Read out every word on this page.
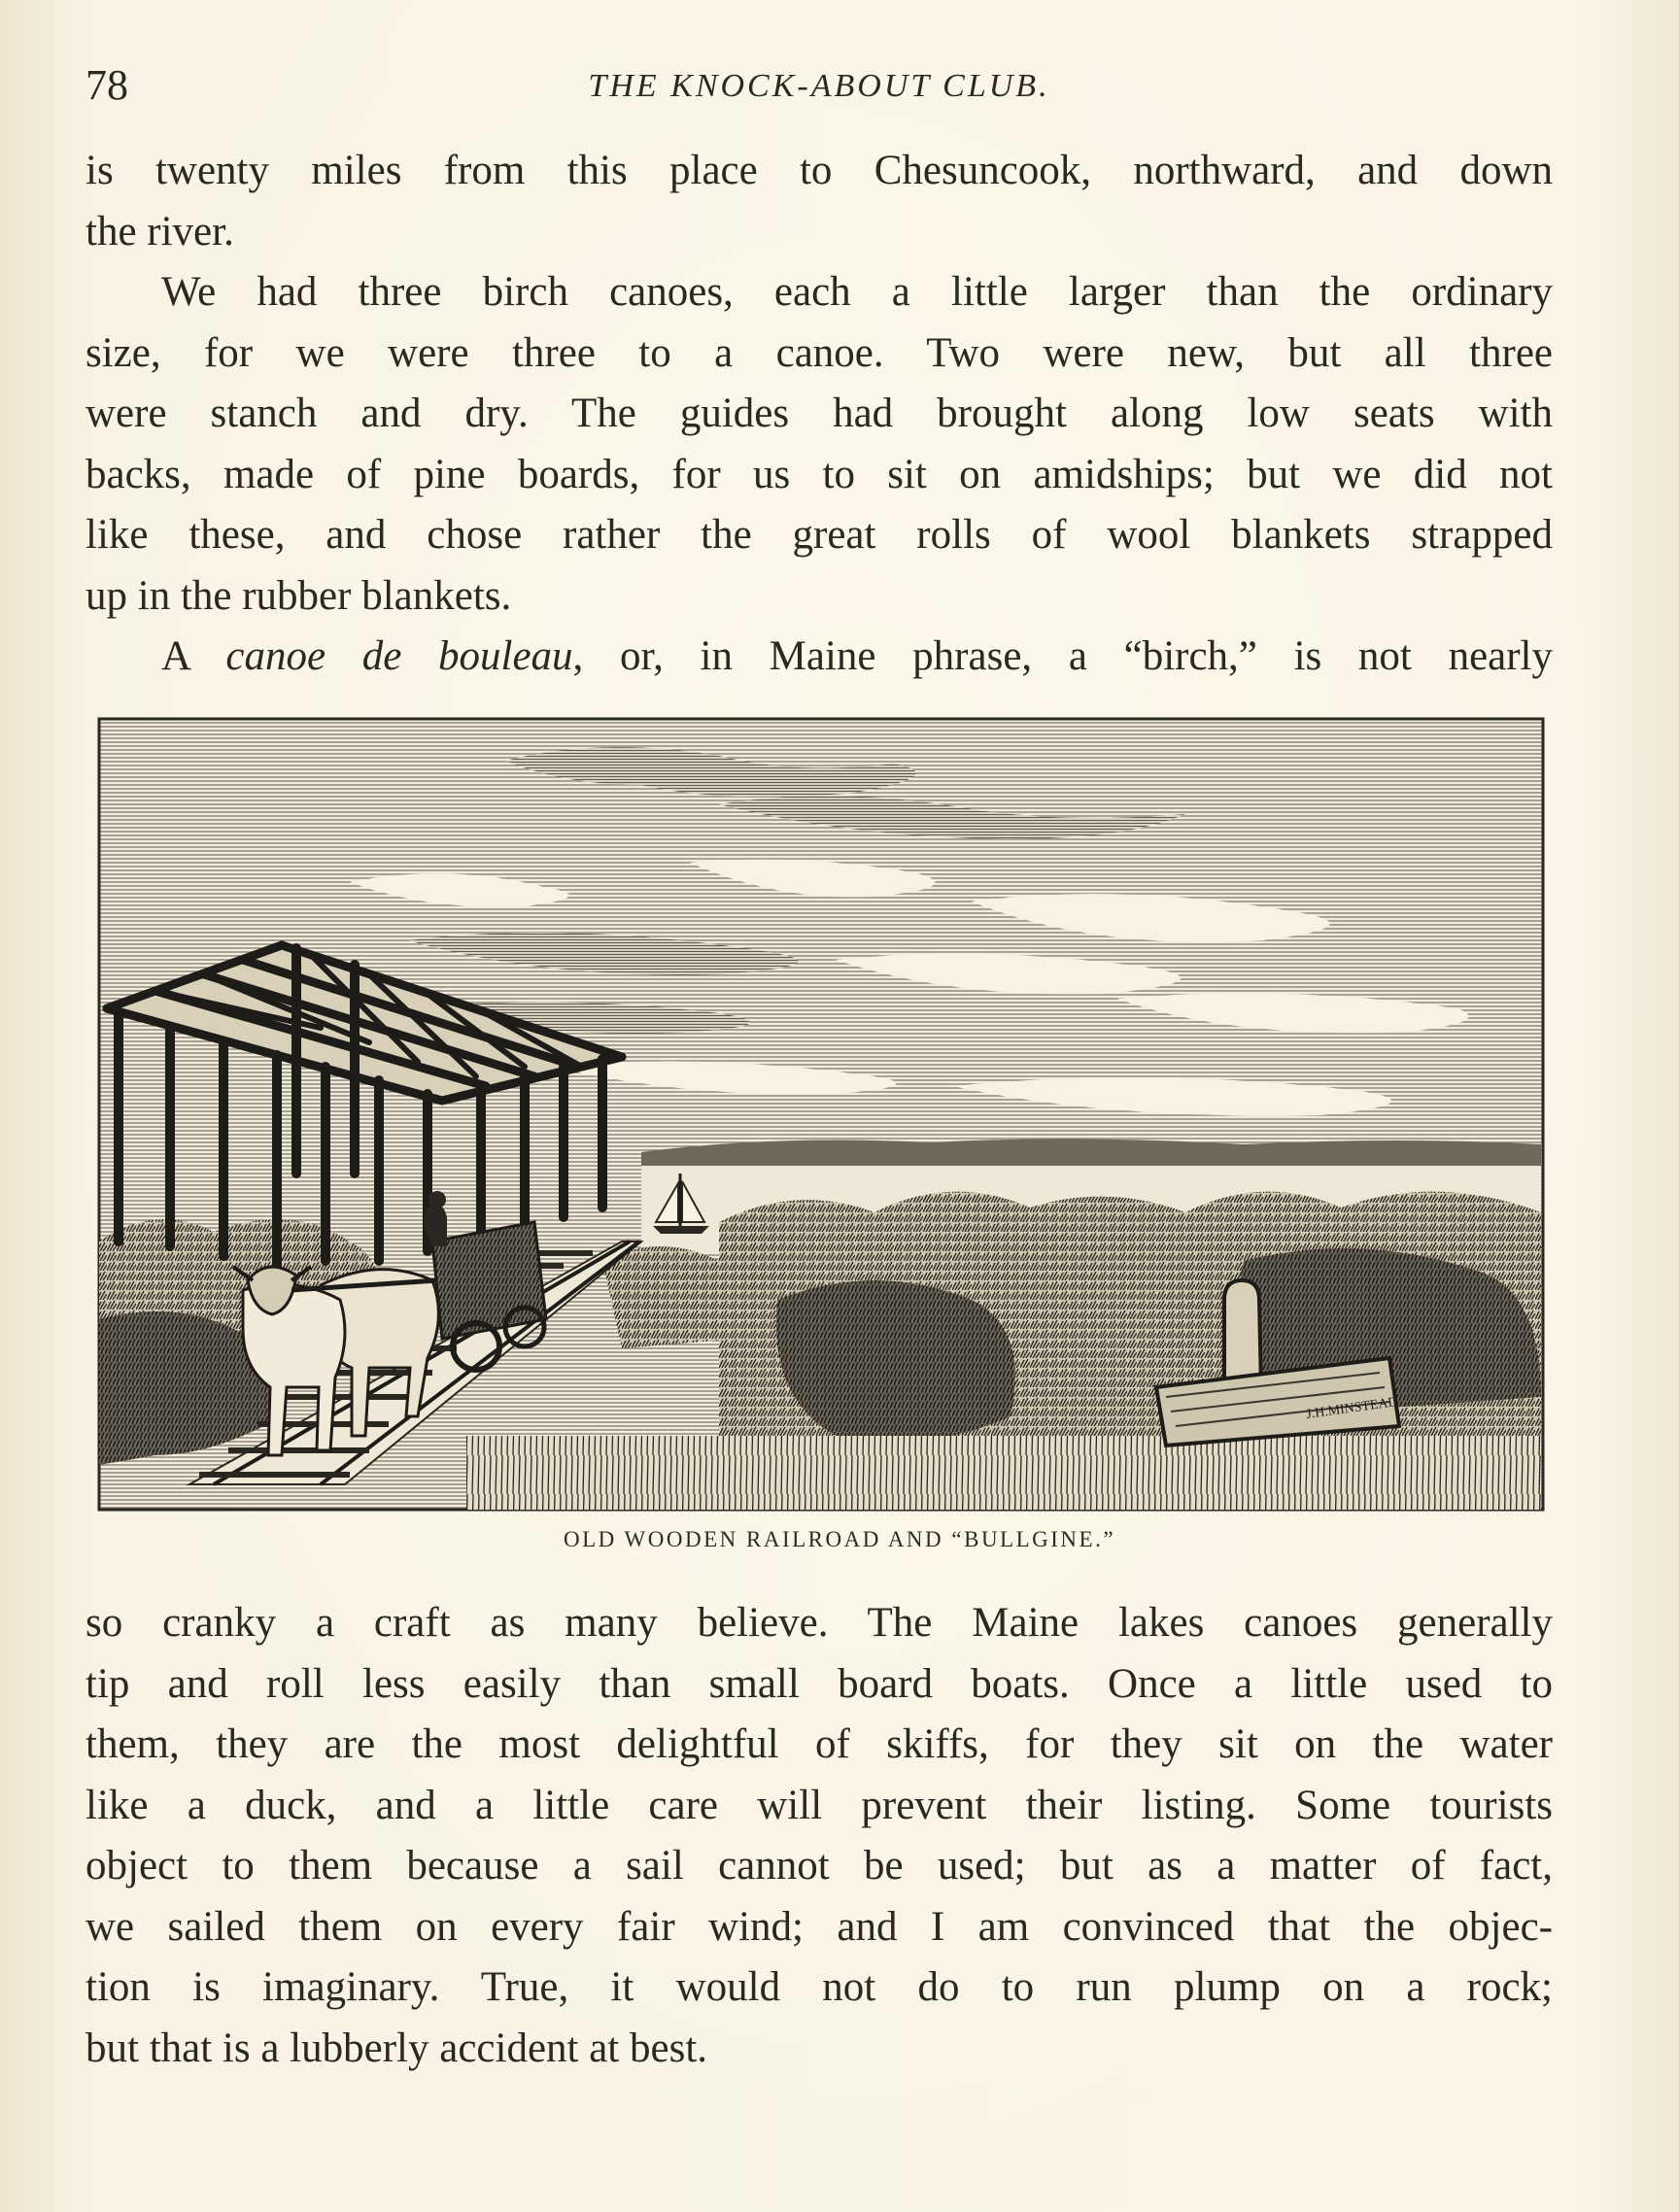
78	THE KNOCK-ABOUT CLUB.

is twenty miles from this place to Chesuncook, northward, and down
the river.

We had three birch canoes, each a little larger than the ordinary
size, for we were three to a canoe. Two were new, but all three
were stanch and dry. The guides had brought along low seats with
backs, made of pine boards, for us to sit on amidships; but we did not
like these, and chose rather the great rolls of wool blankets strapped
up in the rubber blankets.

A canoe de bouleau, or, in Maine phrase, a “birch,” is not nearly

J.H.MINSTEAD
OLD WOODEN RAILROAD AND “BULLGINE.”

so cranky a craft as many believe. The Maine lakes canoes generally
tip and roll less easily than small board boats. Once a little used to
them, they are the most delightful of skiffs, for they sit on the water
like a duck, and a little care will prevent their listing. Some tourists
object to them because a sail cannot be used; but as a matter of fact,
we sailed them on every fair wind; and I am convinced that the objec-
tion is imaginary. True, it would not do to run plump on a rock;
but that is a lubberly accident at best.
